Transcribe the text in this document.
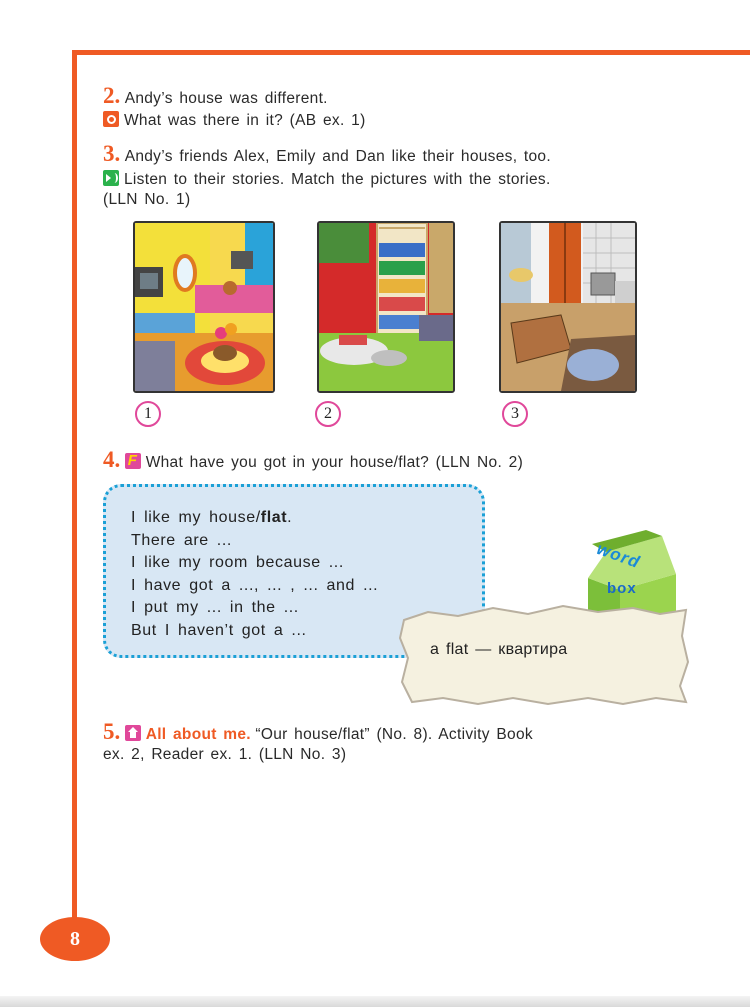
2. Andy’s house was different.
What was there in it? (AB ex. 1)
3. Andy’s friends Alex, Emily and Dan like their houses, too.
Listen to their stories. Match the pictures with the stories.
(LLN No. 1)
1	2	3
4. F What have you got in your house/flat? (LLN No. 2)
I like my house/flat.
There are ...
I like my room because ...
I have got a ..., ... , ... and ...
I put my ... in the ...
But I haven’t got a ...
word
box
a flat — квартира
5. All about me. “Our house/flat” (No. 8). Activity Book
ex. 2, Reader ex. 1. (LLN No. 3)
8
